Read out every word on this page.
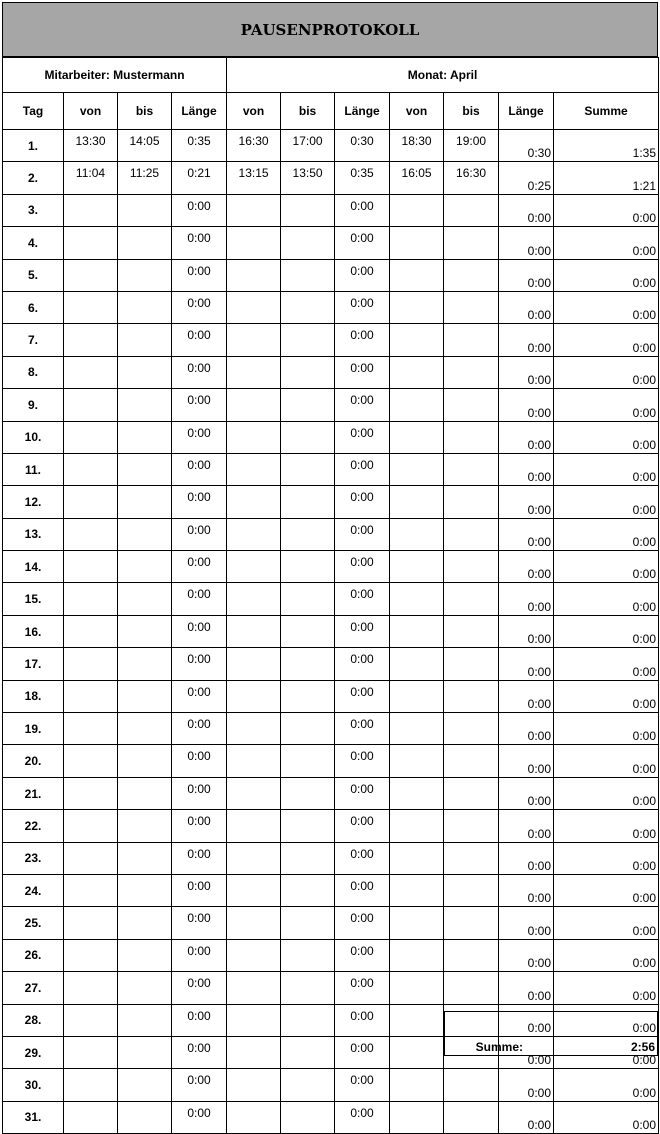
PAUSENPROTOKOLL
Mitarbeiter: Mustermann				Monat: April						
Tag	von	bis	Länge	von	bis	Länge	von	bis	Länge	Summe
1.	13:30	14:05	0:35	16:30	17:00	0:30	18:30	19:00	0:30	1:35
2.	11:04	11:25	0:21	13:15	13:50	0:35	16:05	16:30	0:25	1:21
3.			0:00			0:00			0:00	0:00
4.			0:00			0:00			0:00	0:00
5.			0:00			0:00			0:00	0:00
6.			0:00			0:00			0:00	0:00
7.			0:00			0:00			0:00	0:00
8.			0:00			0:00			0:00	0:00
9.			0:00			0:00			0:00	0:00
10.			0:00			0:00			0:00	0:00
11.			0:00			0:00			0:00	0:00
12.			0:00			0:00			0:00	0:00
13.			0:00			0:00			0:00	0:00
14.			0:00			0:00			0:00	0:00
15.			0:00			0:00			0:00	0:00
16.			0:00			0:00			0:00	0:00
17.			0:00			0:00			0:00	0:00
18.			0:00			0:00			0:00	0:00
19.			0:00			0:00			0:00	0:00
20.			0:00			0:00			0:00	0:00
21.			0:00			0:00			0:00	0:00
22.			0:00			0:00			0:00	0:00
23.			0:00			0:00			0:00	0:00
24.			0:00			0:00			0:00	0:00
25.			0:00			0:00			0:00	0:00
26.			0:00			0:00			0:00	0:00
27.			0:00			0:00			0:00	0:00
28.			0:00			0:00			0:00	0:00
29.			0:00			0:00			0:00	0:00
30.			0:00			0:00			0:00	0:00
31.			0:00			0:00			0:00	0:00
Summe:	2:56
